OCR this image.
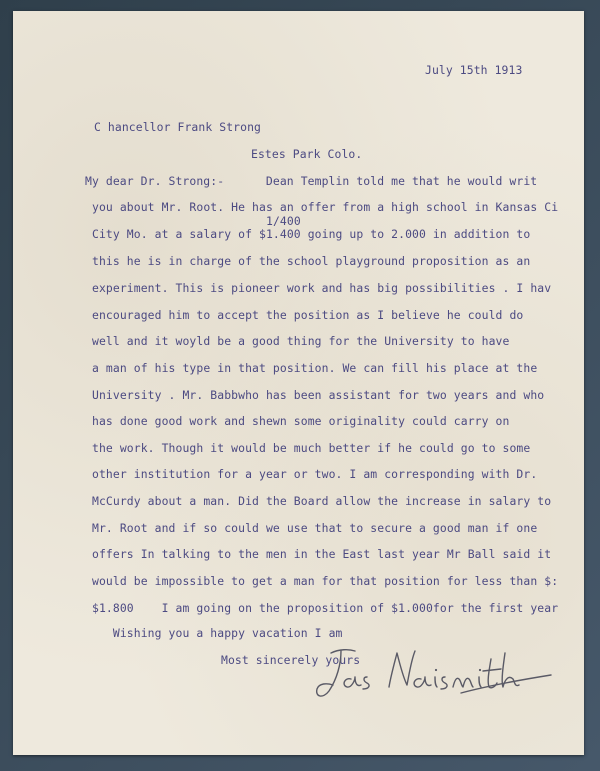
July 15th 1913
C hancellor Frank Strong
Estes Park Colo.
1/400
My dear Dr. Strong:-      Dean Templin told me that he would writ
you about Mr. Root. He has an offer from a high school in Kansas Ci
City Mo. at a salary of $1.400 going up to 2.000 in addition to
this he is in charge of the school playground proposition as an
experiment. This is pioneer work and has big possibilities . I hav
encouraged him to accept the position as I believe he could do
well and it woyld be a good thing for the University to have
a man of his type in that position. We can fill his place at the
University . Mr. Babbwho has been assistant for two years and who
has done good work and shewn some originality could carry on
the work. Though it would be much better if he could go to some
other institution for a year or two. I am corresponding with Dr.
McCurdy about a man. Did the Board allow the increase in salary to
Mr. Root and if so could we use that to secure a good man if one
offers In talking to the men in the East last year Mr Ball said it
would be impossible to get a man for that position for less than $:
$1.800    I am going on the proposition of $1.000for the first year
Wishing you a happy vacation I am
Most sincerely yours
